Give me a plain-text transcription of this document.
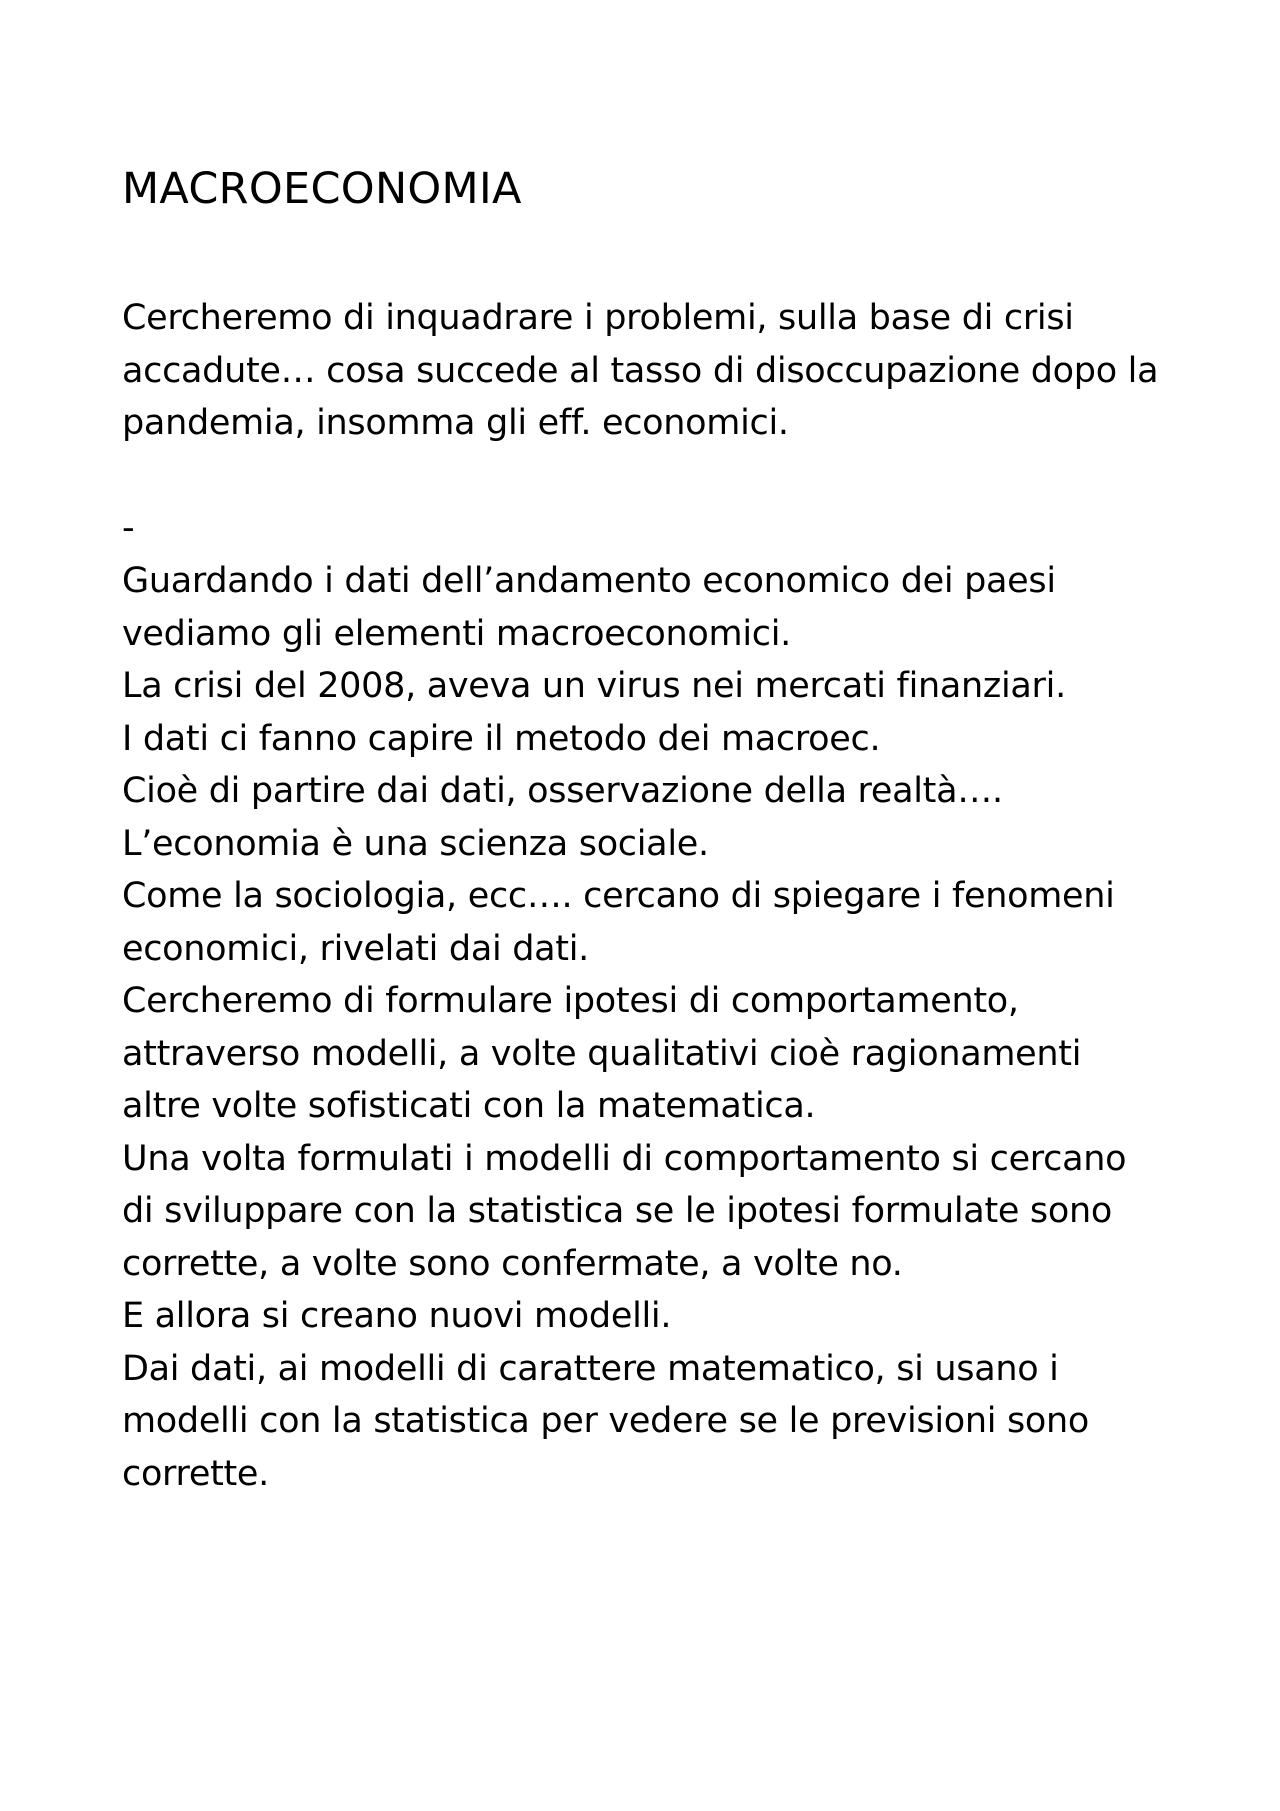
MACROECONOMIA
Cercheremo di inquadrare i problemi, sulla base di crisi
accadute… cosa succede al tasso di disoccupazione dopo la
pandemia, insomma gli eff. economici.
-
Guardando i dati dell’andamento economico dei paesi
vediamo gli elementi macroeconomici.
La crisi del 2008, aveva un virus nei mercati finanziari.
I dati ci fanno capire il metodo dei macroec.
Cioè di partire dai dati, osservazione della realtà….
L’economia è una scienza sociale.
Come la sociologia, ecc…. cercano di spiegare i fenomeni
economici, rivelati dai dati.
Cercheremo di formulare ipotesi di comportamento,
attraverso modelli, a volte qualitativi cioè ragionamenti
altre volte sofisticati con la matematica.
Una volta formulati i modelli di comportamento si cercano
di sviluppare con la statistica se le ipotesi formulate sono
corrette, a volte sono confermate, a volte no.
E allora si creano nuovi modelli.
Dai dati, ai modelli di carattere matematico, si usano i
modelli con la statistica per vedere se le previsioni sono
corrette.
